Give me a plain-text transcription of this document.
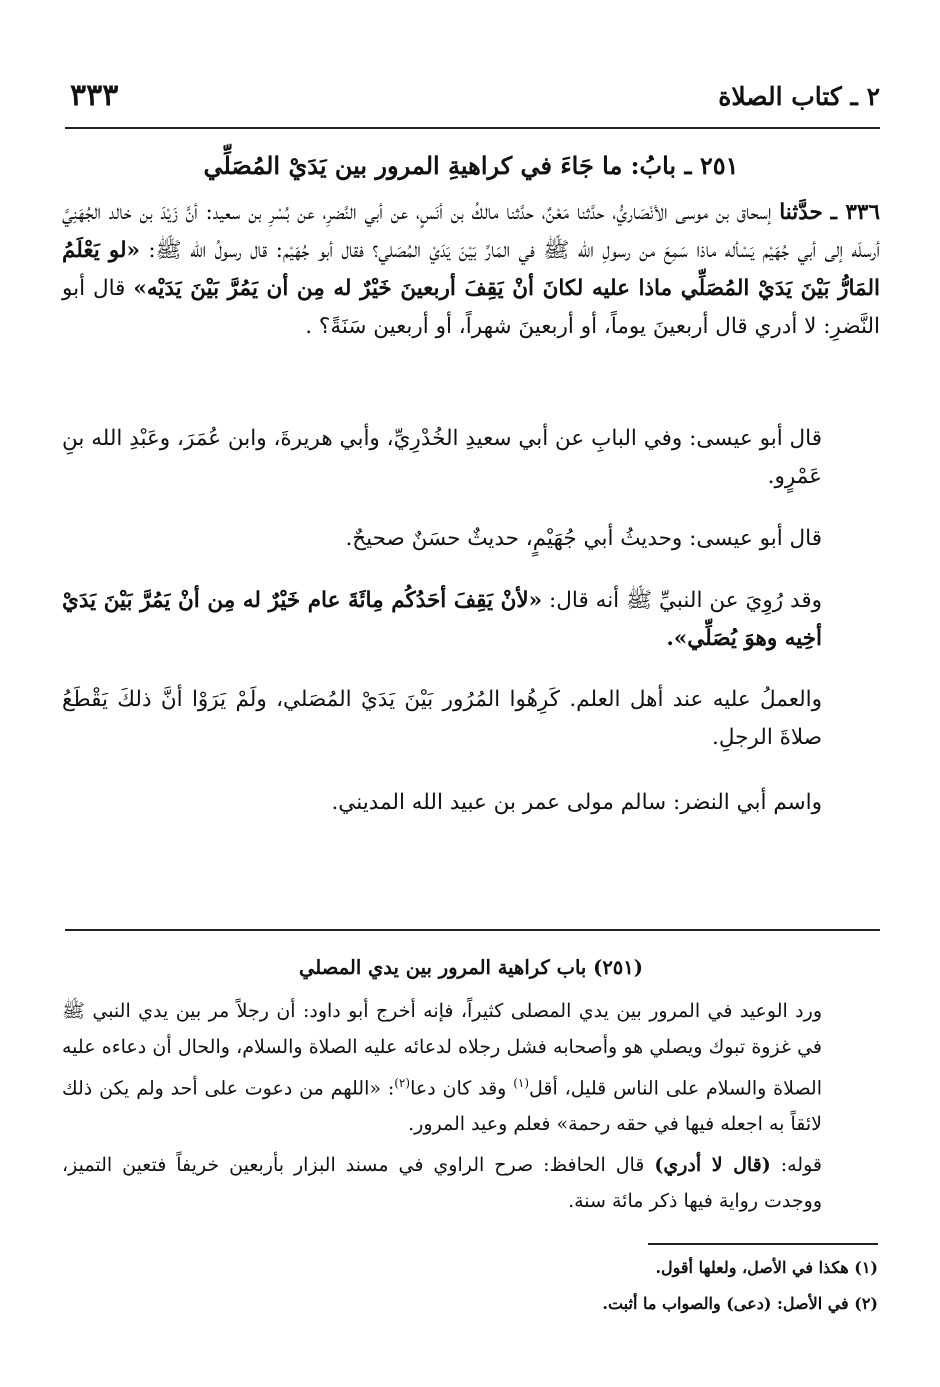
٢ ـ كتاب الصلاة
٣٣٣
٢٥١ ـ بابُ: ما جَاءَ في كراهيةِ المرور بين يَدَيْ المُصَلِّي

٣٣٦ ـ حدَّثنا إسحاق بن موسى الأنْصَاريُّ، حدَّثنا مَعْنٌ، حدَّثنا مالكُ بن أنَسٍ، عن أبي النَّضرِ، عن بُسْرِ بن سعيد: أنَّ زَيْدَ بن خالد الجُهَنِيَّ أرسلَه إلى أبي جُهَيْم يَسْأله ماذا سَمِعَ من رسولِ الله ﷺ في المَارِّ بَيْنَ يَدَيْ المُصَلي؟ فقال أبو جُهَيْم: قال رسولُ الله ﷺ: «لو يَعْلَمُ المَارُّ بَيْنَ يَدَيْ المُصَلِّي ماذا عليه لكانَ أنْ يَقِفَ أربعينَ خَيْرٌ له مِن أن يَمُرَّ بَيْنَ يَدَيْه» قال أبو النَّضرِ: لا أدري قال أربعينَ يوماً، أو أربعينَ شهراً، أو أربعين سَنَةً؟ .

قال أبو عيسى: وفي البابِ عن أبي سعيدِ الخُدْرِيِّ، وأبي هريرةَ، وابن عُمَرَ، وعَبْدِ الله بنِ عَمْرٍو.

قال أبو عيسى: وحديثُ أبي جُهَيْمٍ، حديثٌ حسَنٌ صحيحٌ.

وقد رُوِيَ عن النبيِّ ﷺ أنه قال: «لأنْ يَقِفَ أحَدُكُم مِائَةَ عام خَيْرٌ له مِن أنْ يَمُرَّ بَيْنَ يَدَيْ أخِيه وهوَ يُصَلِّي».

والعملُ عليه عند أهل العلم. كَرِهُوا المُرُور بَيْنَ يَدَيْ المُصَلي، ولَمْ يَرَوْا أنَّ ذلكَ يَقْطَعُ صلاةَ الرجلِ.

واسم أبي النضر: سالم مولى عمر بن عبيد الله المديني.

(٢٥١) باب كراهية المرور بين يدي المصلي

ورد الوعيد في المرور بين يدي المصلى كثيراً، فإنه أخرج أبو داود: أن رجلاً مر بين يدي النبي ﷺ في غزوة تبوك ويصلي هو وأصحابه فشل رجلاه لدعائه عليه الصلاة والسلام، والحال أن دعاءه عليه الصلاة والسلام على الناس قليل، أقل$^{(١)}$ وقد كان دعا$^{(٢)}$: «اللهم من دعوت على أحد ولم يكن ذلك لائقاً به اجعله فيها في حقه رحمة» فعلم وعيد المرور.

قوله: (قال لا أدري) قال الحافظ: صرح الراوي في مسند البزار بأربعين خريفاً فتعين التميز، ووجدت رواية فيها ذكر مائة سنة.

(١) هكذا في الأصل، ولعلها أقول.
(٢) في الأصل: (دعى) والصواب ما أثبت.
